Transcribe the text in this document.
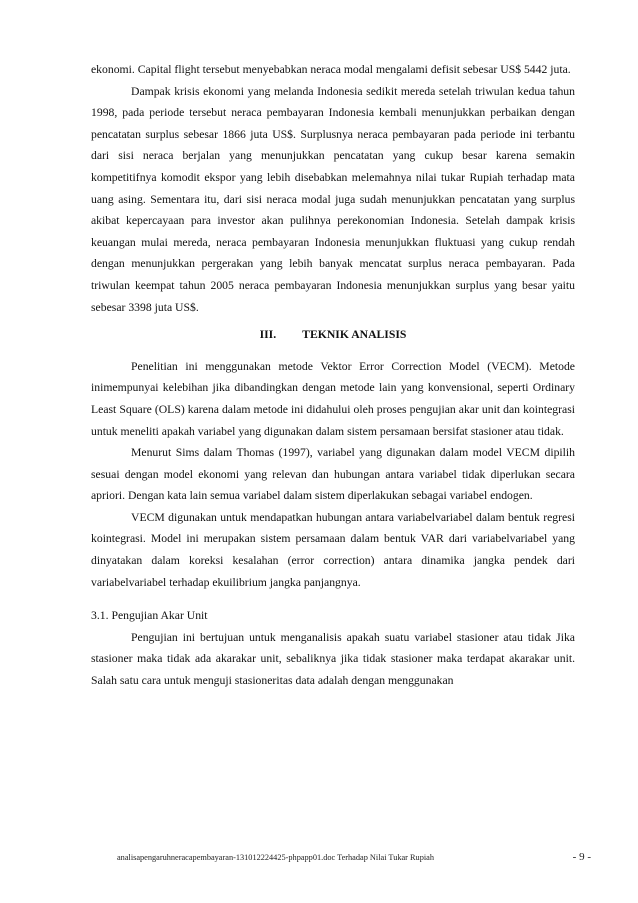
ekonomi. Capital flight tersebut menyebabkan neraca modal mengalami defisit sebesar US$ 5442 juta.

Dampak krisis ekonomi yang melanda Indonesia sedikit mereda setelah triwulan kedua tahun 1998, pada periode tersebut neraca pembayaran Indonesia kembali menunjukkan perbaikan dengan pencatatan surplus sebesar 1866 juta US$. Surplusnya neraca pembayaran pada periode ini terbantu dari sisi neraca berjalan yang menunjukkan pencatatan yang cukup besar karena semakin kompetitifnya komodit ekspor yang lebih disebabkan melemahnya nilai tukar Rupiah terhadap mata uang asing. Sementara itu, dari sisi neraca modal juga sudah menunjukkan pencatatan yang surplus akibat kepercayaan para investor akan pulihnya perekonomian Indonesia. Setelah dampak krisis keuangan mulai mereda, neraca pembayaran Indonesia menunjukkan fluktuasi yang cukup rendah dengan menunjukkan pergerakan yang lebih banyak mencatat surplus neraca pembayaran. Pada triwulan keempat tahun 2005 neraca pembayaran Indonesia menunjukkan surplus yang besar yaitu sebesar 3398 juta US$.

III. TEKNIK ANALISIS

Penelitian ini menggunakan metode Vektor Error Correction Model (VECM). Metode inimempunyai kelebihan jika dibandingkan dengan metode lain yang konvensional, seperti Ordinary Least Square (OLS) karena dalam metode ini didahului oleh proses pengujian akar unit dan kointegrasi untuk meneliti apakah variabel yang digunakan dalam sistem persamaan bersifat stasioner atau tidak.

Menurut Sims dalam Thomas (1997), variabel yang digunakan dalam model VECM dipilih sesuai dengan model ekonomi yang relevan dan hubungan antara variabel tidak diperlukan secara apriori. Dengan kata lain semua variabel dalam sistem diperlakukan sebagai variabel endogen.

VECM digunakan untuk mendapatkan hubungan antara variabelvariabel dalam bentuk regresi kointegrasi. Model ini merupakan sistem persamaan dalam bentuk VAR dari variabelvariabel yang dinyatakan dalam koreksi kesalahan (error correction) antara dinamika jangka pendek dari variabelvariabel terhadap ekuilibrium jangka panjangnya.

3.1. Pengujian Akar Unit

Pengujian ini bertujuan untuk menganalisis apakah suatu variabel stasioner atau tidak Jika stasioner maka tidak ada akarakar unit, sebaliknya jika tidak stasioner maka terdapat akarakar unit. Salah satu cara untuk menguji stasioneritas data adalah dengan menggunakan

analisapengaruhneracapembayaran-131012224425-phpapp01.doc Terhadap Nilai Tukar Rupiah	- 9 -
